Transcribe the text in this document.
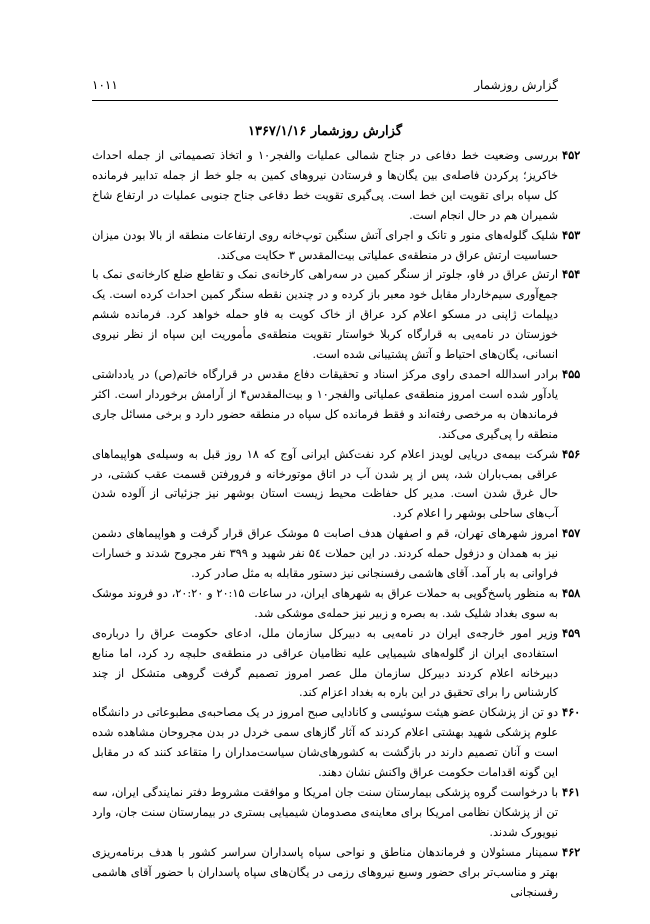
گزارش روزشمار
۱۰۱۱
گزارش روزشمار ۱۳۶۷/۱/۱۶

۴۵۲
بررسی وضعیت خط دفاعی در جناح شمالی عملیات والفجر۱۰ و اتخاذ تصمیماتی از جمله احداث خاکریز؛ پرکردن فاصله‌ی بین یگان‌ها و فرستادن نیروهای کمین به جلو خط از جمله تدابیر فرمانده کل سپاه برای تقویت این خط است. پی‌گیری تقویت خط دفاعی جناح جنوبی عملیات در ارتفاع شاخ شمیران هم در حال انجام است.

۴۵۳
شلیک گلوله‌های منور و تانک و اجرای آتش سنگین توپ‌خانه روی ارتفاعات منطقه از بالا بودن میزان حساسیت ارتش عراق در منطقه‌ی عملیاتی بیت‌المقدس ۳ حکایت می‌کند.

۴۵۴
ارتش عراق در فاو، جلوتر از سنگر کمین در سه‌راهی کارخانه‌ی نمک و تقاطع ضلع کارخانه‌ی نمک با جمع‌آوری سیم‌خاردار مقابل خود معبر باز کرده و در چندین نقطه سنگر کمین احداث کرده است. یک دیپلمات ژاپنی در مسکو اعلام کرد عراق از خاک کویت به فاو حمله خواهد کرد. فرمانده ششم خوزستان در نامه‌یی به قرارگاه کربلا خواستار تقویت منطقه‌ی مأموریت این سپاه از نظر نیروی انسانی، یگان‌های احتیاط و آتش پشتیبانی شده است.

۴۵۵
برادر اسدالله احمدی راوی مرکز اسناد و تحقیقات دفاع مقدس در قرارگاه خاتم(ص) در یادداشتی یادآور شده است امروز منطقه‌ی عملیاتی والفجر۱۰ و بیت‌المقدس۴ از آرامش برخوردار است. اکثر فرماندهان به مرخصی رفته‌اند و فقط فرمانده کل سپاه در منطقه حضور دارد و برخی مسائل جاری منطقه را پی‌گیری می‌کند.

۴۵۶
شرکت بیمه‌ی دریایی لویدز اعلام کرد نفت‌کش ایرانی آوج که ۱۸ روز قبل به وسیله‌ی هواپیماهای عراقی بمب‌باران شد، پس از پر شدن آب در اتاق موتورخانه و فرورفتن قسمت عقب کشتی، در حال غرق شدن است. مدیر کل حفاظت محیط زیست استان بوشهر نیز جزئیاتی از آلوده شدن آب‌های ساحلی بوشهر را اعلام کرد.

۴۵۷
امروز شهرهای تهران، قم و اصفهان هدف اصابت ۵ موشک عراق قرار گرفت و هواپیماهای دشمن نیز به همدان و دزفول حمله کردند. در این حملات ۵٤ نفر شهید و ۳۹۹ نفر مجروح شدند و خسارات فراوانی به بار آمد. آقای هاشمی رفسنجانی نیز دستور مقابله به مثل صادر کرد.

۴۵۸
به منظور پاسخ‌گویی به حملات عراق به شهرهای ایران، در ساعات ۲۰:۱۵ و ۲۰:۲۰، دو فروند موشک به سوی بغداد شلیک شد. به بصره و زبیر نیز حمله‌ی موشکی شد.

۴۵۹
وزیر امور خارجه‌ی ایران در نامه‌یی به دبیرکل سازمان ملل، ادعای حکومت عراق را درباره‌ی استفاده‌ی ایران از گلوله‌های شیمیایی علیه نظامیان عراقی در منطقه‌ی حلبچه رد کرد، اما منابع دبیرخانه اعلام کردند دبیرکل سازمان ملل عصر امروز تصمیم گرفت گروهی متشکل از چند کارشناس را برای تحقیق در این باره به بغداد اعزام کند.

۴۶۰
دو تن از پزشکان عضو هیئت سوئیسی و کانادایی صبح امروز در یک مصاحبه‌ی مطبوعاتی در دانشگاه علوم پزشکی شهید بهشتی اعلام کردند که آثار گازهای سمی خردل در بدن مجروحان مشاهده شده است و آنان تصمیم دارند در بازگشت به کشورهای‌شان سیاست‌مداران را متقاعد کنند که در مقابل این گونه اقدامات حکومت عراق واکنش نشان دهند.

۴۶۱
با درخواست گروه پزشکی بیمارستان سنت جان امریکا و موافقت مشروط دفتر نمایندگی ایران، سه تن از پزشکان نظامی امریکا برای معاینه‌ی مصدومان شیمیایی بستری در بیمارستان سنت جان، وارد نیویورک شدند.

۴۶۲
سمینار مسئولان و فرماندهان مناطق و نواحی سپاه پاسداران سراسر کشور با هدف برنامه‌ریزی بهتر و مناسب‌تر برای حضور وسیع نیروهای رزمی در یگان‌های سپاه پاسداران با حضور آقای هاشمی رفسنجانی
